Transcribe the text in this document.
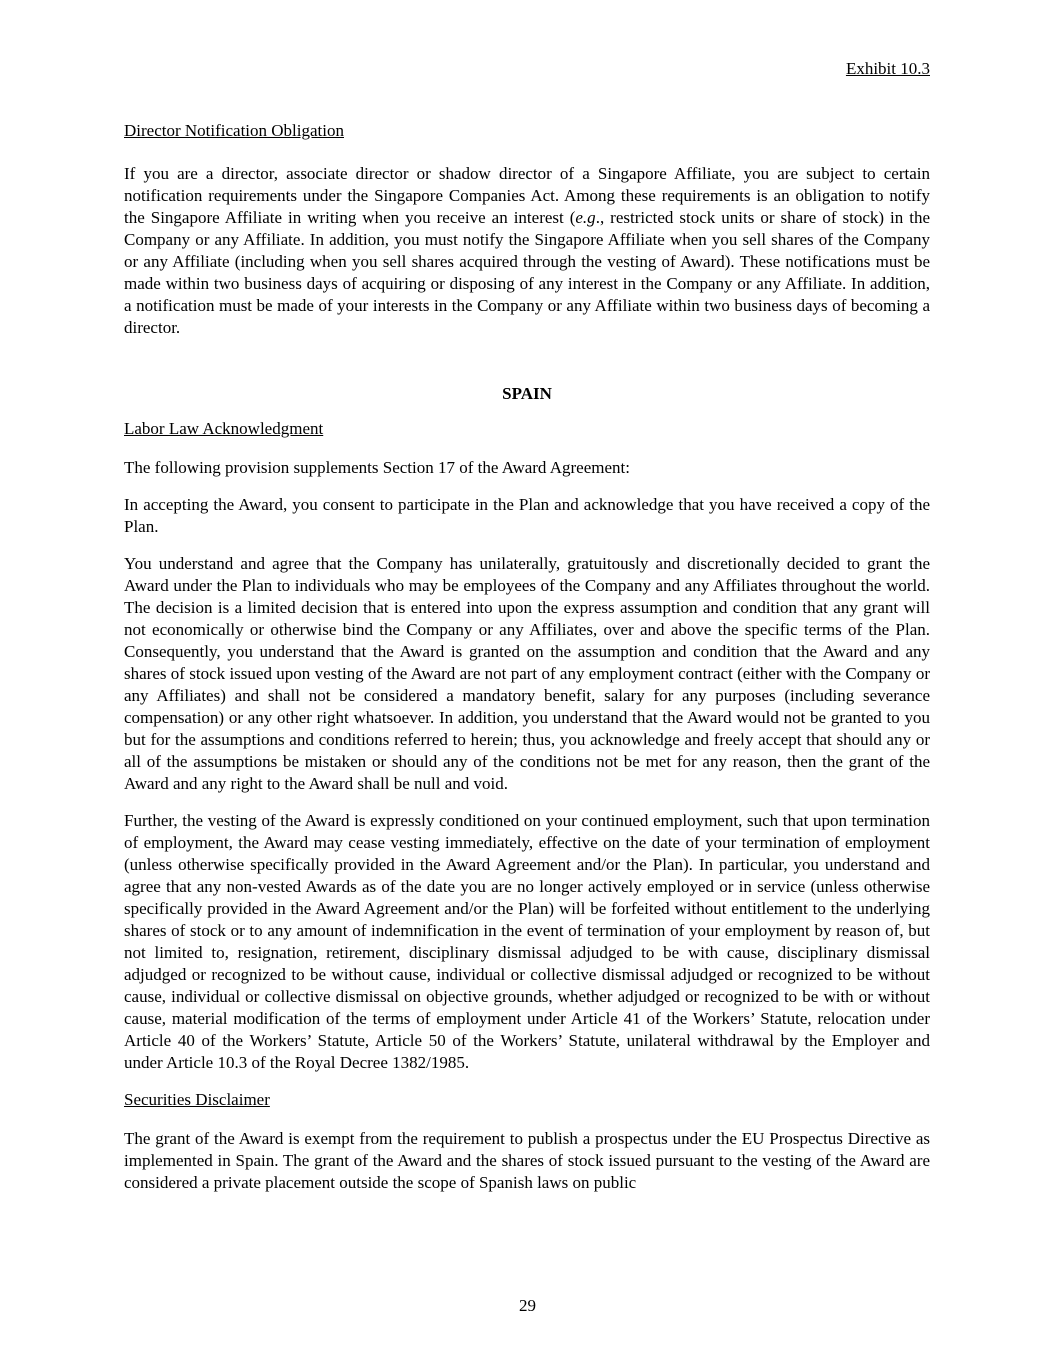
Exhibit 10.3
Director Notification Obligation

If you are a director, associate director or shadow director of a Singapore Affiliate, you are subject to certain notification requirements under the Singapore Companies Act. Among these requirements is an obligation to notify the Singapore Affiliate in writing when you receive an interest (e.g., restricted stock units or share of stock) in the Company or any Affiliate. In addition, you must notify the Singapore Affiliate when you sell shares of the Company or any Affiliate (including when you sell shares acquired through the vesting of Award). These notifications must be made within two business days of acquiring or disposing of any interest in the Company or any Affiliate. In addition, a notification must be made of your interests in the Company or any Affiliate within two business days of becoming a director.

SPAIN
Labor Law Acknowledgment

The following provision supplements Section 17 of the Award Agreement:

In accepting the Award, you consent to participate in the Plan and acknowledge that you have received a copy of the Plan.

You understand and agree that the Company has unilaterally, gratuitously and discretionally decided to grant the Award under the Plan to individuals who may be employees of the Company and any Affiliates throughout the world. The decision is a limited decision that is entered into upon the express assumption and condition that any grant will not economically or otherwise bind the Company or any Affiliates, over and above the specific terms of the Plan. Consequently, you understand that the Award is granted on the assumption and condition that the Award and any shares of stock issued upon vesting of the Award are not part of any employment contract (either with the Company or any Affiliates) and shall not be considered a mandatory benefit, salary for any purposes (including severance compensation) or any other right whatsoever. In addition, you understand that the Award would not be granted to you but for the assumptions and conditions referred to herein; thus, you acknowledge and freely accept that should any or all of the assumptions be mistaken or should any of the conditions not be met for any reason, then the grant of the Award and any right to the Award shall be null and void.

Further, the vesting of the Award is expressly conditioned on your continued employment, such that upon termination of employment, the Award may cease vesting immediately, effective on the date of your termination of employment (unless otherwise specifically provided in the Award Agreement and/or the Plan). In particular, you understand and agree that any non-vested Awards as of the date you are no longer actively employed or in service (unless otherwise specifically provided in the Award Agreement and/or the Plan) will be forfeited without entitlement to the underlying shares of stock or to any amount of indemnification in the event of termination of your employment by reason of, but not limited to, resignation, retirement, disciplinary dismissal adjudged to be with cause, disciplinary dismissal adjudged or recognized to be without cause, individual or collective dismissal adjudged or recognized to be without cause, individual or collective dismissal on objective grounds, whether adjudged or recognized to be with or without cause, material modification of the terms of employment under Article 41 of the Workers’ Statute, relocation under Article 40 of the Workers’ Statute, Article 50 of the Workers’ Statute, unilateral withdrawal by the Employer and under Article 10.3 of the Royal Decree 1382/1985.

Securities Disclaimer

The grant of the Award is exempt from the requirement to publish a prospectus under the EU Prospectus Directive as implemented in Spain. The grant of the Award and the shares of stock issued pursuant to the vesting of the Award are considered a private placement outside the scope of Spanish laws on public

29
